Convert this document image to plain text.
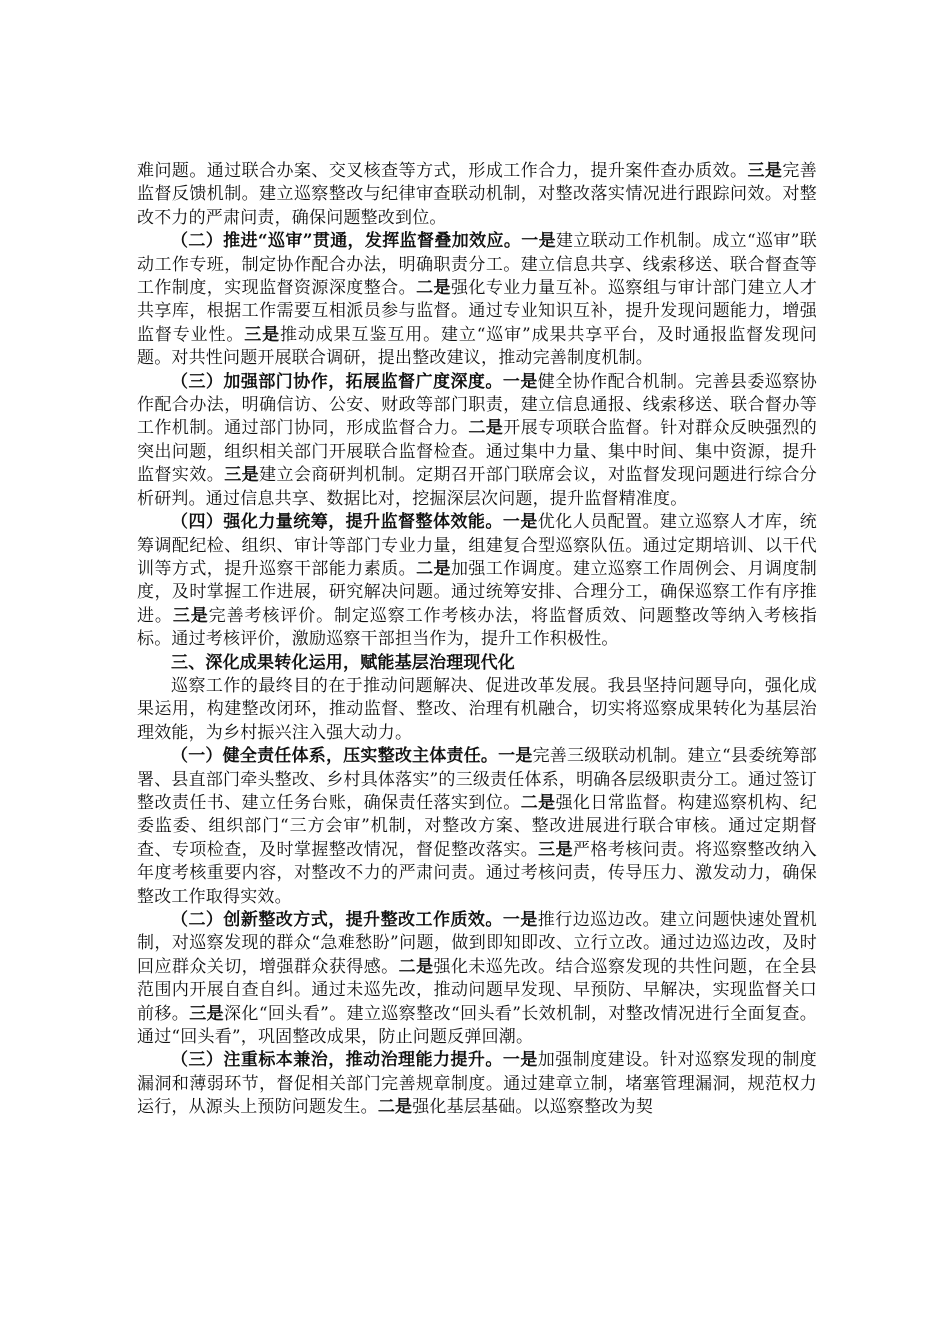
难问题。通过联合办案、交叉核查等方式，形成工作合力，提升案件查办质效。三是完善监督反馈机制。建立巡察整改与纪律审查联动机制，对整改落实情况进行跟踪问效。对整改不力的严肃问责，确保问题整改到位。

（二）推进“巡审”贯通，发挥监督叠加效应。一是建立联动工作机制。成立“巡审”联动工作专班，制定协作配合办法，明确职责分工。建立信息共享、线索移送、联合督查等工作制度，实现监督资源深度整合。二是强化专业力量互补。巡察组与审计部门建立人才共享库，根据工作需要互相派员参与监督。通过专业知识互补，提升发现问题能力，增强监督专业性。三是推动成果互鉴互用。建立“巡审”成果共享平台，及时通报监督发现问题。对共性问题开展联合调研，提出整改建议，推动完善制度机制。

（三）加强部门协作，拓展监督广度深度。一是健全协作配合机制。完善县委巡察协作配合办法，明确信访、公安、财政等部门职责，建立信息通报、线索移送、联合督办等工作机制。通过部门协同，形成监督合力。二是开展专项联合监督。针对群众反映强烈的突出问题，组织相关部门开展联合监督检查。通过集中力量、集中时间、集中资源，提升监督实效。三是建立会商研判机制。定期召开部门联席会议，对监督发现问题进行综合分析研判。通过信息共享、数据比对，挖掘深层次问题，提升监督精准度。

（四）强化力量统筹，提升监督整体效能。一是优化人员配置。建立巡察人才库，统筹调配纪检、组织、审计等部门专业力量，组建复合型巡察队伍。通过定期培训、以干代训等方式，提升巡察干部能力素质。二是加强工作调度。建立巡察工作周例会、月调度制度，及时掌握工作进展，研究解决问题。通过统筹安排、合理分工，确保巡察工作有序推进。三是完善考核评价。制定巡察工作考核办法，将监督质效、问题整改等纳入考核指标。通过考核评价，激励巡察干部担当作为，提升工作积极性。

三、深化成果转化运用，赋能基层治理现代化

巡察工作的最终目的在于推动问题解决、促进改革发展。我县坚持问题导向，强化成果运用，构建整改闭环，推动监督、整改、治理有机融合，切实将巡察成果转化为基层治理效能，为乡村振兴注入强大动力。

（一）健全责任体系，压实整改主体责任。一是完善三级联动机制。建立“县委统筹部署、县直部门牵头整改、乡村具体落实”的三级责任体系，明确各层级职责分工。通过签订整改责任书、建立任务台账，确保责任落实到位。二是强化日常监督。构建巡察机构、纪委监委、组织部门“三方会审”机制，对整改方案、整改进展进行联合审核。通过定期督查、专项检查，及时掌握整改情况，督促整改落实。三是严格考核问责。将巡察整改纳入年度考核重要内容，对整改不力的严肃问责。通过考核问责，传导压力、激发动力，确保整改工作取得实效。

（二）创新整改方式，提升整改工作质效。一是推行边巡边改。建立问题快速处置机制，对巡察发现的群众“急难愁盼”问题，做到即知即改、立行立改。通过边巡边改，及时回应群众关切，增强群众获得感。二是强化未巡先改。结合巡察发现的共性问题，在全县范围内开展自查自纠。通过未巡先改，推动问题早发现、早预防、早解决，实现监督关口前移。三是深化“回头看”。建立巡察整改“回头看”长效机制，对整改情况进行全面复查。通过“回头看”，巩固整改成果，防止问题反弹回潮。

（三）注重标本兼治，推动治理能力提升。一是加强制度建设。针对巡察发现的制度漏洞和薄弱环节，督促相关部门完善规章制度。通过建章立制，堵塞管理漏洞，规范权力运行，从源头上预防问题发生。二是强化基层基础。以巡察整改为契
